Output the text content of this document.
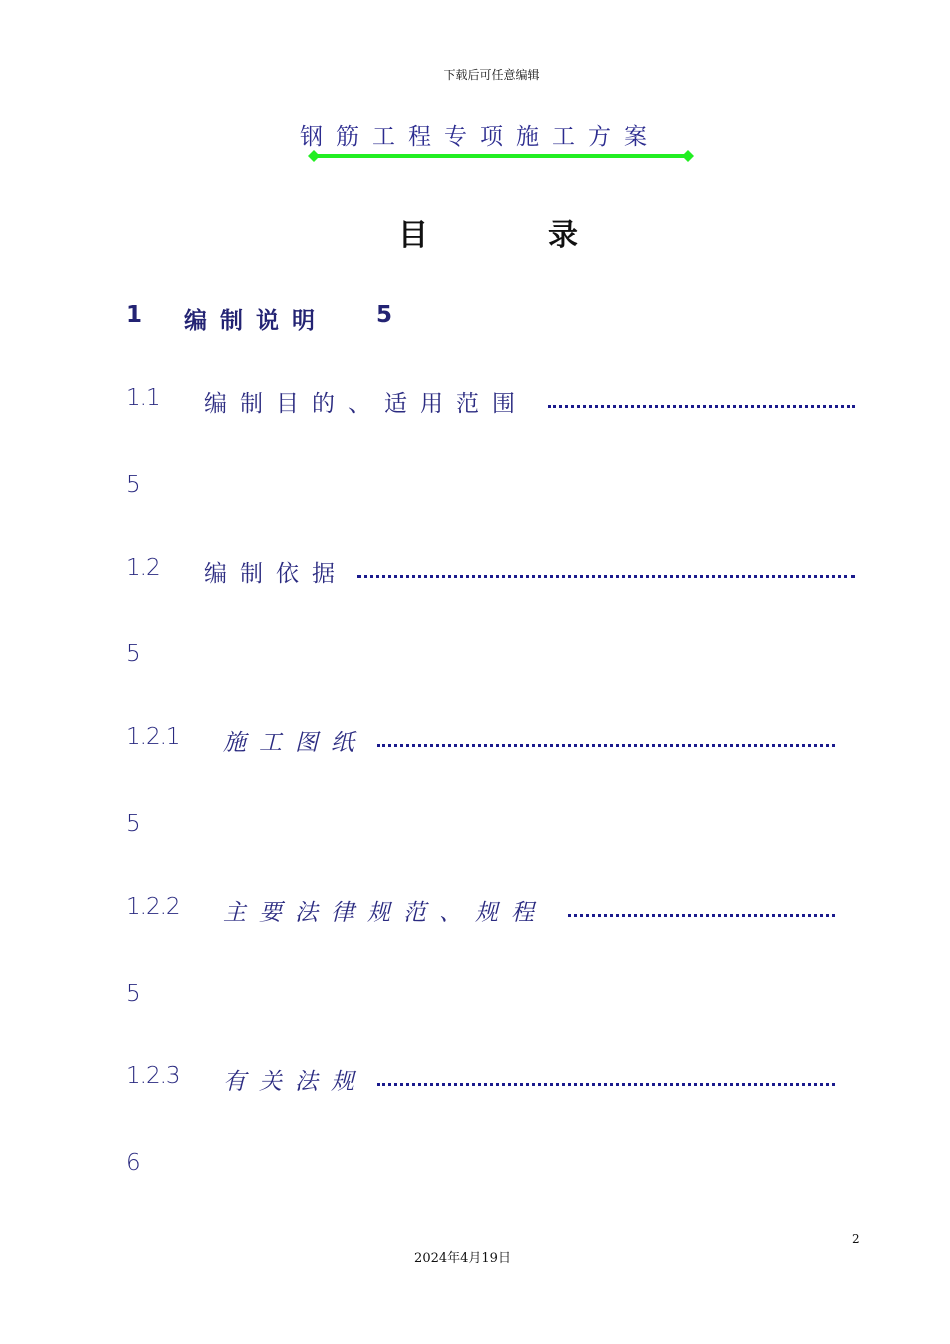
下载后可任意编辑
钢筋工程专项施工方案
目	录
1 编制说明 5
1.1 编制目的、适用范围
5
1.2 编制依据
5
1.2.1 施工图纸
5
1.2.2 主要法律规范、规程
5
1.2.3 有关法规
6
2
2024年4月19日
